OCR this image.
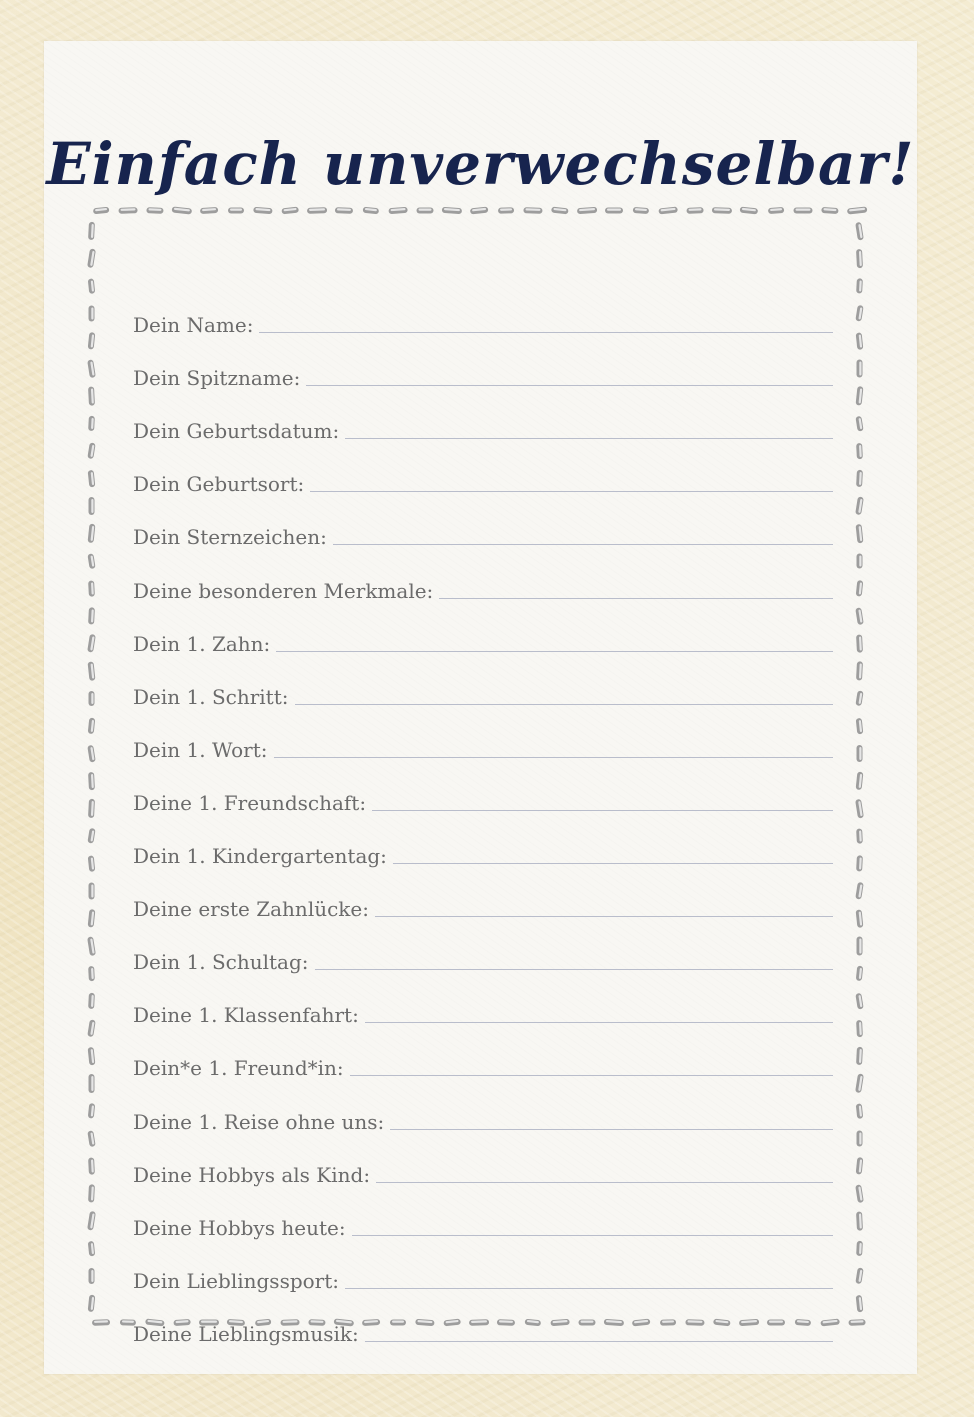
Einfach unverwechselbar!
Dein Name:
Dein Spitzname:
Dein Geburtsdatum:
Dein Geburtsort:
Dein Sternzeichen:
Deine besonderen Merkmale:
Dein 1. Zahn:
Dein 1. Schritt:
Dein 1. Wort:
Deine 1. Freundschaft:
Dein 1. Kindergartentag:
Deine erste Zahnlücke:
Dein 1. Schultag:
Deine 1. Klassenfahrt:
Dein*e 1. Freund*in:
Deine 1. Reise ohne uns:
Deine Hobbys als Kind:
Deine Hobbys heute:
Dein Lieblingssport:
Deine Lieblingsmusik:
